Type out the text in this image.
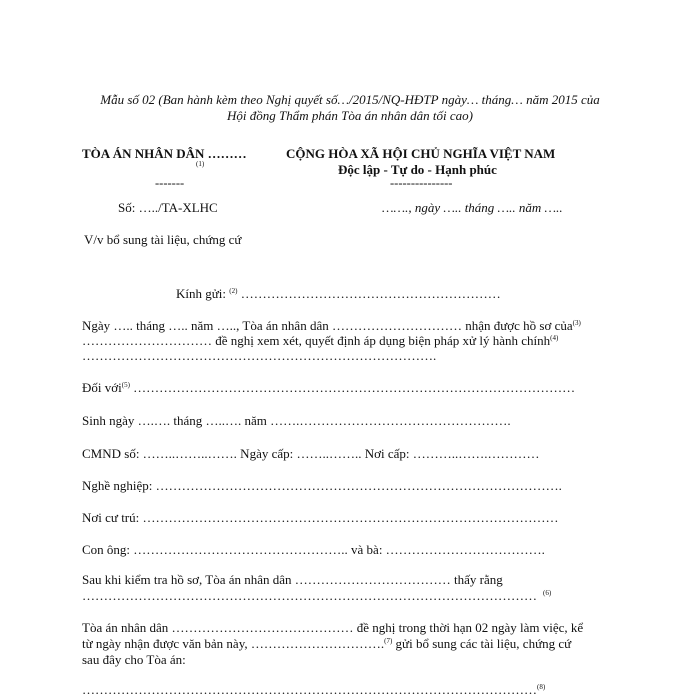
Mẫu số 02 (Ban hành kèm theo Nghị quyết số…/2015/NQ-HĐTP ngày… tháng… năm 2015 của
Hội đồng Thẩm phán Tòa án nhân dân tối cao)
TÒA ÁN NHÂN DÂN ………
(1)
-------
Số: …../TA-XLHC
V/v bổ sung tài liệu, chứng cứ
CỘNG HÒA XÃ HỘI CHỦ NGHĨA VIỆT NAM
Độc lập - Tự do - Hạnh phúc
---------------
……., ngày ….. tháng ….. năm …..
Kính gửi: $^{(2)}$ ……………………………………………………
Ngày ….. tháng ….. năm ….., Tòa án nhân dân ………………………… nhận được hồ sơ của$^{(3)}$
………………………… đề nghị xem xét, quyết định áp dụng biện pháp xử lý hành chính$^{(4)}$
……………………………………………………………………….
Đối với$^{(5)}$ …………………………………………………………………………………………
Sinh ngày ….…. tháng …..…. năm …….………………………………………….
CMND số: ……..……..……. Ngày cấp: ……..…….. Nơi cấp: ………..…….…………
Nghề nghiệp: ………………………………………………………………………………….
Nơi cư trú: ……………………………………………………………………………………
Con ông: ………………………………………….. và bà: ……………………………….
Sau khi kiểm tra hồ sơ, Tòa án nhân dân ……………………………… thấy rằng
…………………………………………………………………………………………… $^{(6)}$
Tòa án nhân dân …………………………………… đề nghị trong thời hạn 02 ngày làm việc, kể
từ ngày nhận được văn bản này, ………………………….$^{(7)}$ gửi bổ sung các tài liệu, chứng cứ
sau đây cho Tòa án:
……………………………………………………………………………………………$^{(8)}$
